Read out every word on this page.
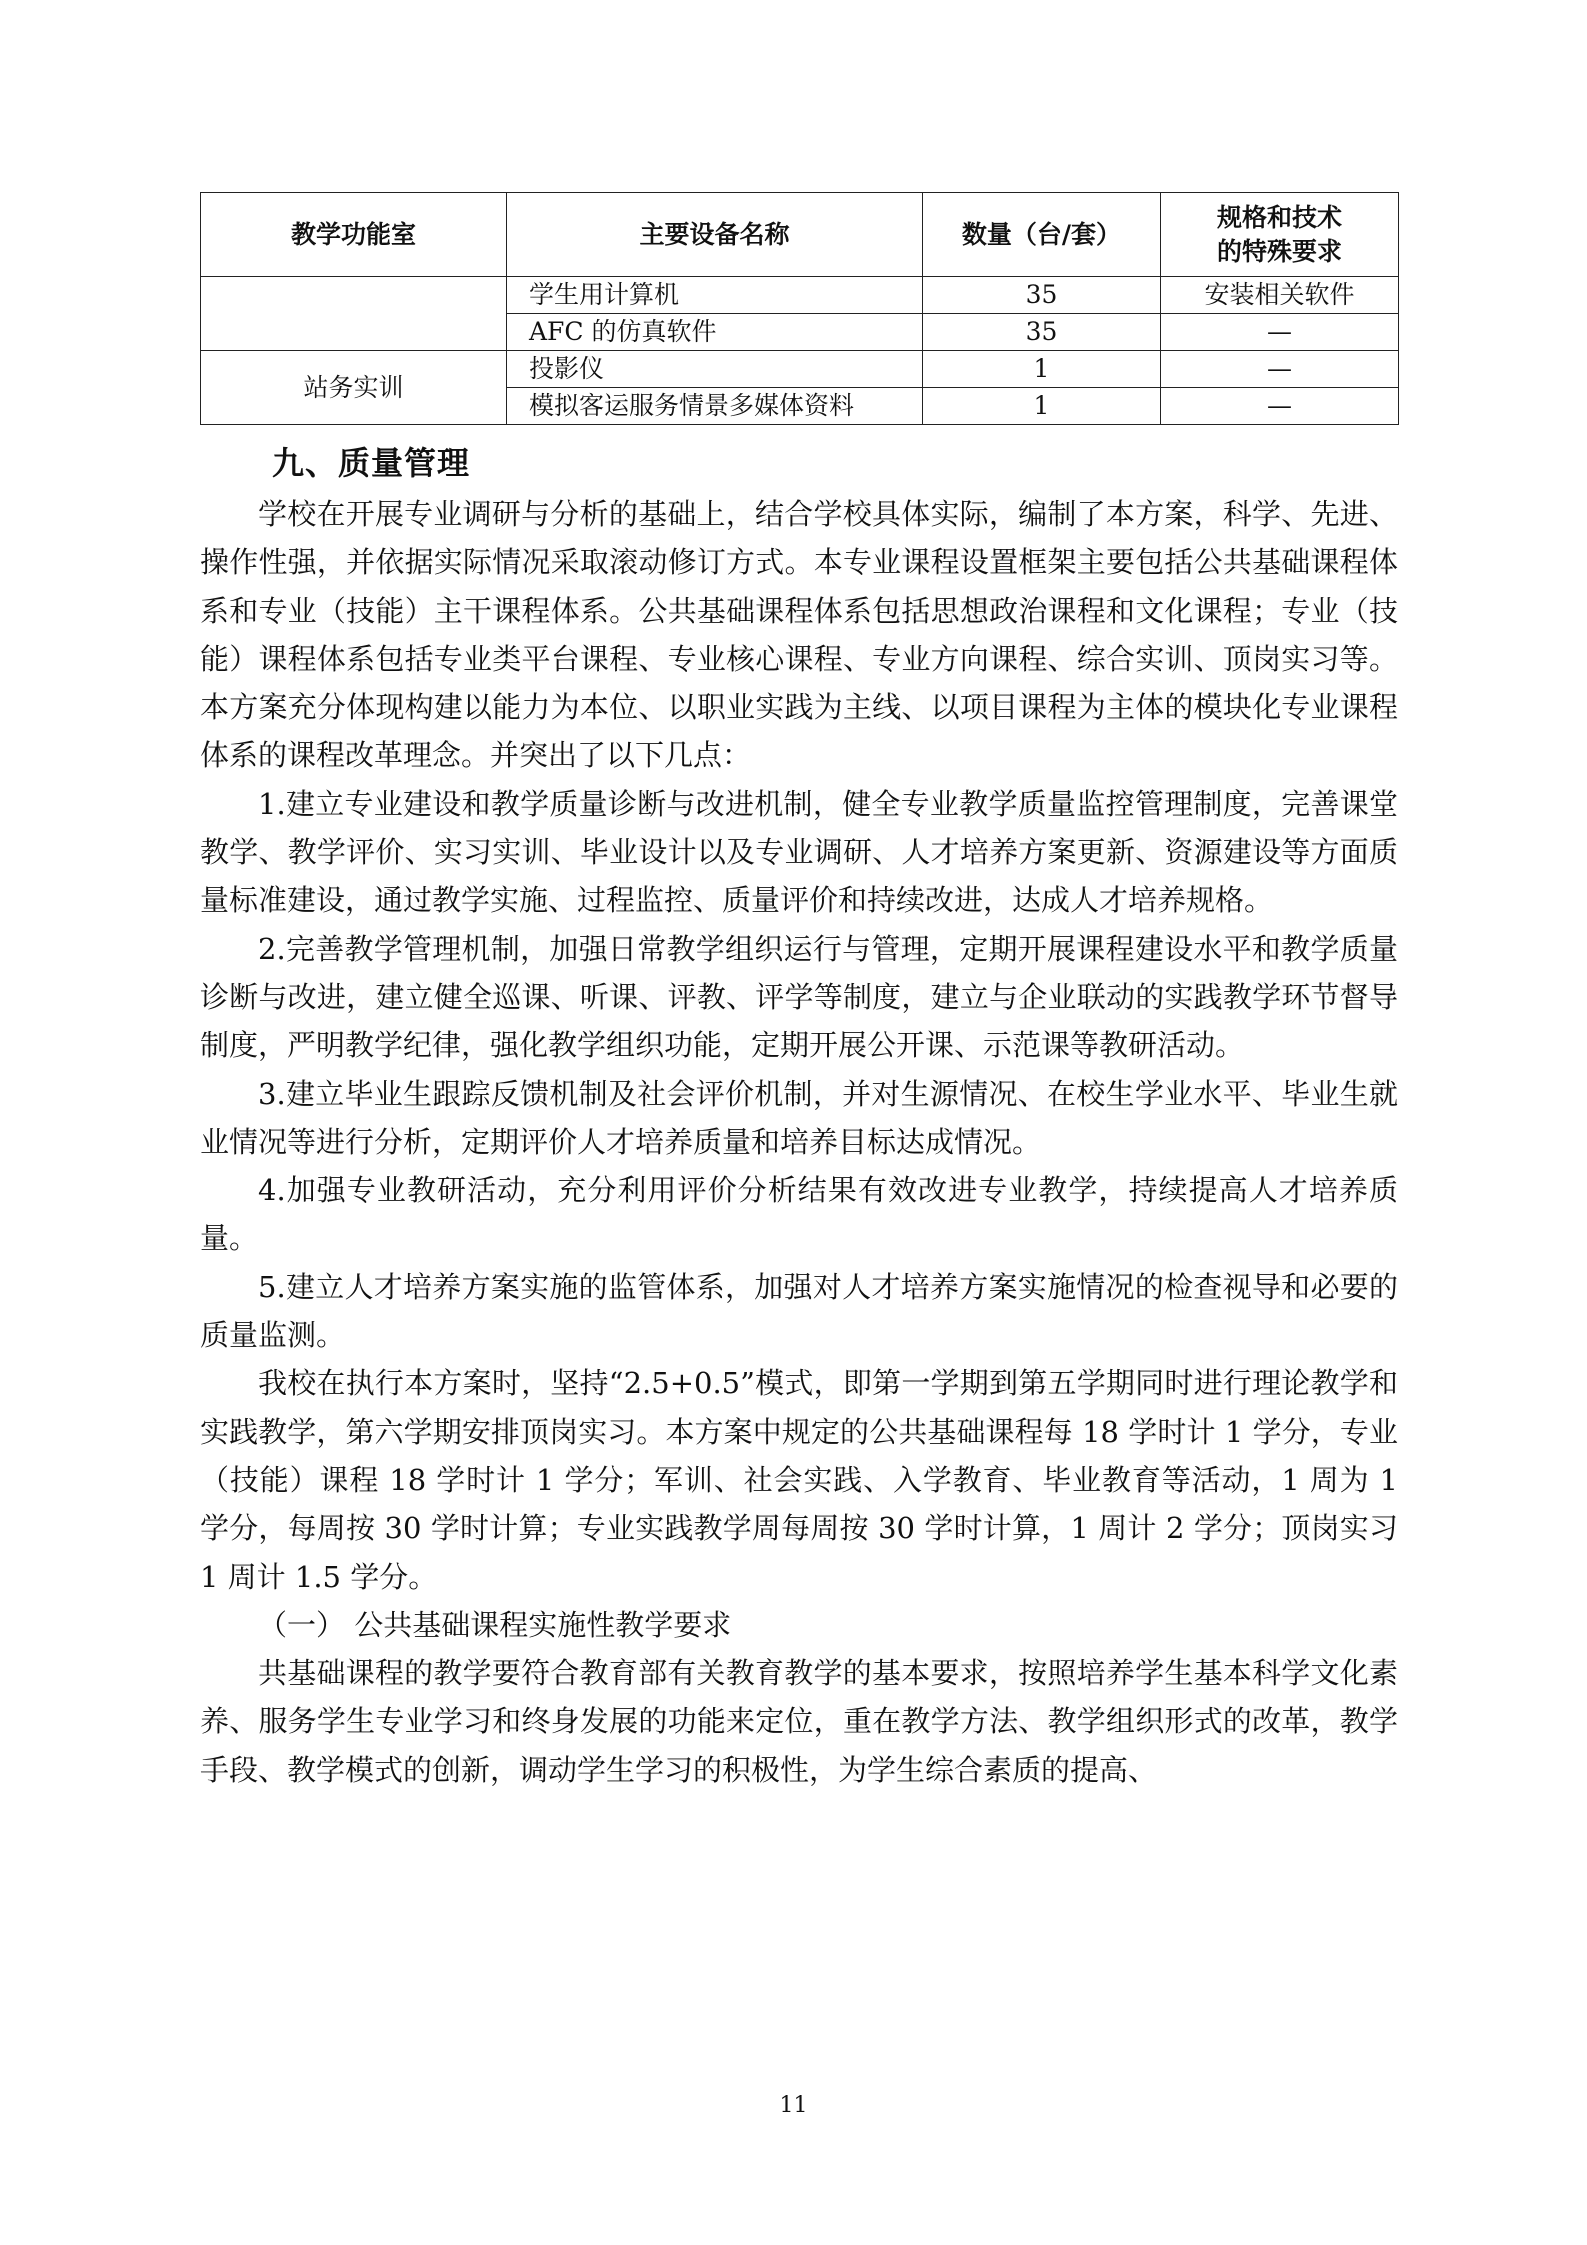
教学功能室	主要设备名称	数量（台/套）	规格和技术
的特殊要求

	学生用计算机	35	安装相关软件
	AFC 的仿真软件	35	—
站务实训	投影仪	1	—
	模拟客运服务情景多媒体资料	1	—
九、质量管理

学校在开展专业调研与分析的基础上，结合学校具体实际，编制了本方案，科学、先进、操作性强，并依据实际情况采取滚动修订方式。本专业课程设置框架主要包括公共基础课程体系和专业（技能）主干课程体系。公共基础课程体系包括思想政治课程和文化课程；专业（技能）课程体系包括专业类平台课程、专业核心课程、专业方向课程、综合实训、顶岗实习等。本方案充分体现构建以能力为本位、以职业实践为主线、以项目课程为主体的模块化专业课程体系的课程改革理念。并突出了以下几点：

1.建立专业建设和教学质量诊断与改进机制，健全专业教学质量监控管理制度，完善课堂教学、教学评价、实习实训、毕业设计以及专业调研、人才培养方案更新、资源建设等方面质量标准建设，通过教学实施、过程监控、质量评价和持续改进，达成人才培养规格。

2.完善教学管理机制，加强日常教学组织运行与管理，定期开展课程建设水平和教学质量诊断与改进，建立健全巡课、听课、评教、评学等制度，建立与企业联动的实践教学环节督导制度，严明教学纪律，强化教学组织功能，定期开展公开课、示范课等教研活动。

3.建立毕业生跟踪反馈机制及社会评价机制，并对生源情况、在校生学业水平、毕业生就业情况等进行分析，定期评价人才培养质量和培养目标达成情况。

4.加强专业教研活动，充分利用评价分析结果有效改进专业教学，持续提高人才培养质量。

5.建立人才培养方案实施的监管体系，加强对人才培养方案实施情况的检查视导和必要的质量监测。

我校在执行本方案时，坚持“2.5+0.5”模式，即第一学期到第五学期同时进行理论教学和实践教学，第六学期安排顶岗实习。本方案中规定的公共基础课程每 18 学时计 1 学分，专业（技能）课程 18 学时计 1 学分；军训、社会实践、入学教育、毕业教育等活动，1 周为 1 学分，每周按 30 学时计算；专业实践教学周每周按 30 学时计算，1 周计 2 学分；顶岗实习 1 周计 1.5 学分。

（一） 公共基础课程实施性教学要求

共基础课程的教学要符合教育部有关教育教学的基本要求，按照培养学生基本科学文化素养、服务学生专业学习和终身发展的功能来定位，重在教学方法、教学组织形式的改革，教学手段、教学模式的创新，调动学生学习的积极性，为学生综合素质的提高、

11
